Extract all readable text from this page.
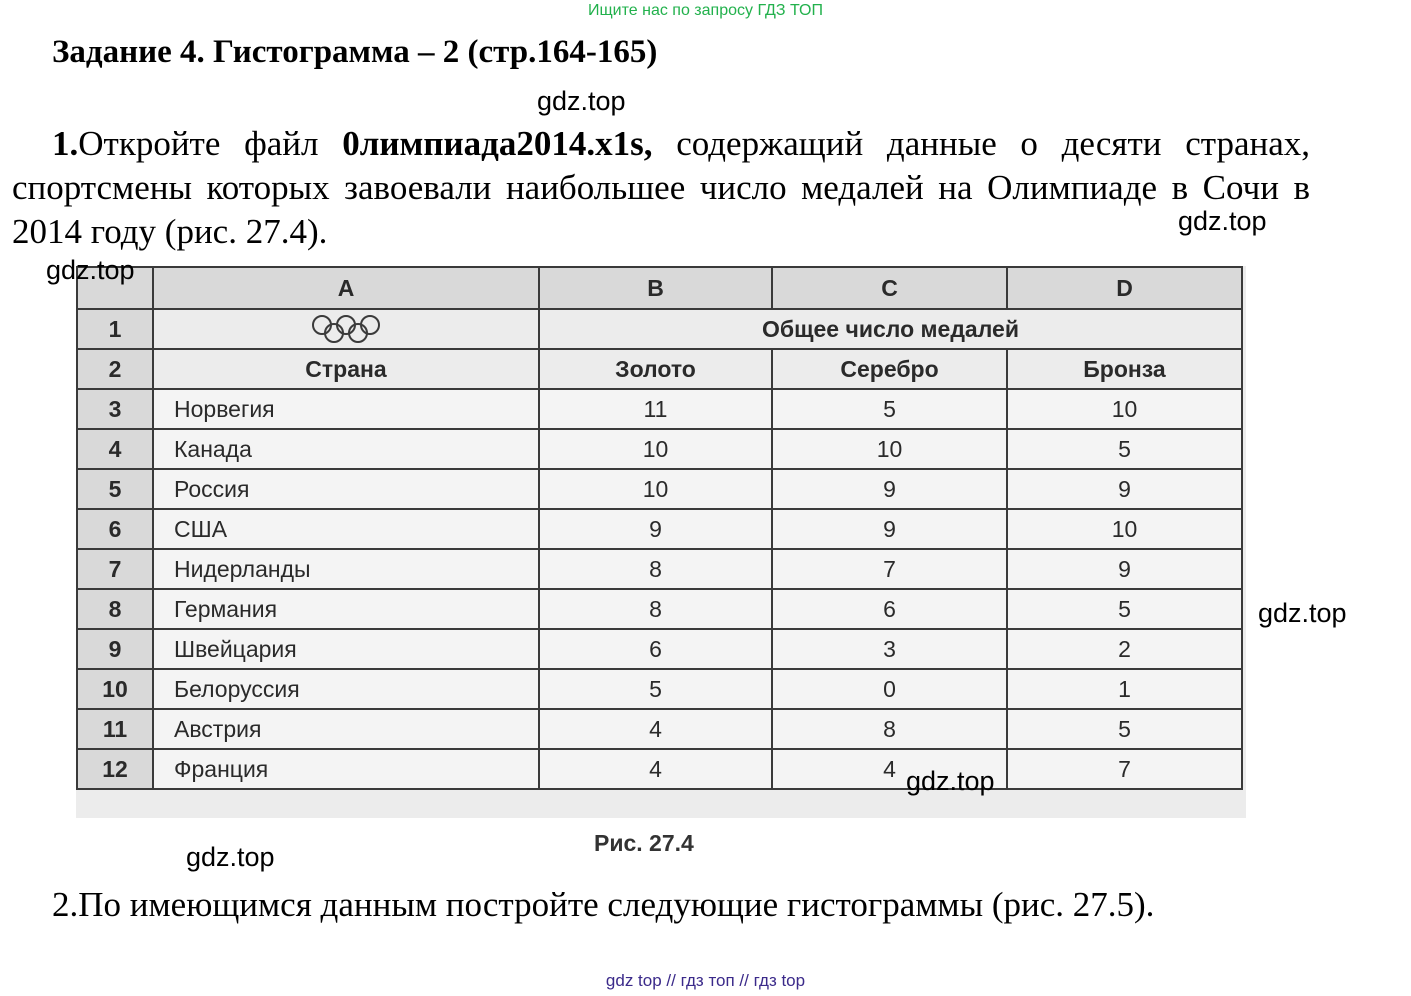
Ищите нас по запросу ГДЗ ТОП
Задание 4. Гистограмма – 2 (стр.164-165)
gdz.top
1.Откройте файл 0лимпиада2014.x1s, содержащий данные о десяти странах, спортсмены которых завоевали наибольшее число медалей на Олимпиаде в Сочи в 2014 году (рис. 27.4).	gdz.top
gdz.top
	A	B	C	D
1		Общее число медалей		
2	Страна	Золото	Серебро	Бронза
3	Норвегия	11	5	10
4	Канада	10	10	5
5	Россия	10	9	9
6	США	9	9	10
7	Нидерланды	8	7	9
8	Германия	8	6	5
9	Швейцария	6	3	2
10	Белоруссия	5	0	1
11	Австрия	4	8	5
12	Франция	4	4	7
gdz.top
gdz.top
Рис. 27.4
gdz.top
2.По имеющимся данным постройте следующие гистограммы (рис. 27.5).
gdz top // гдз топ // гдз top
